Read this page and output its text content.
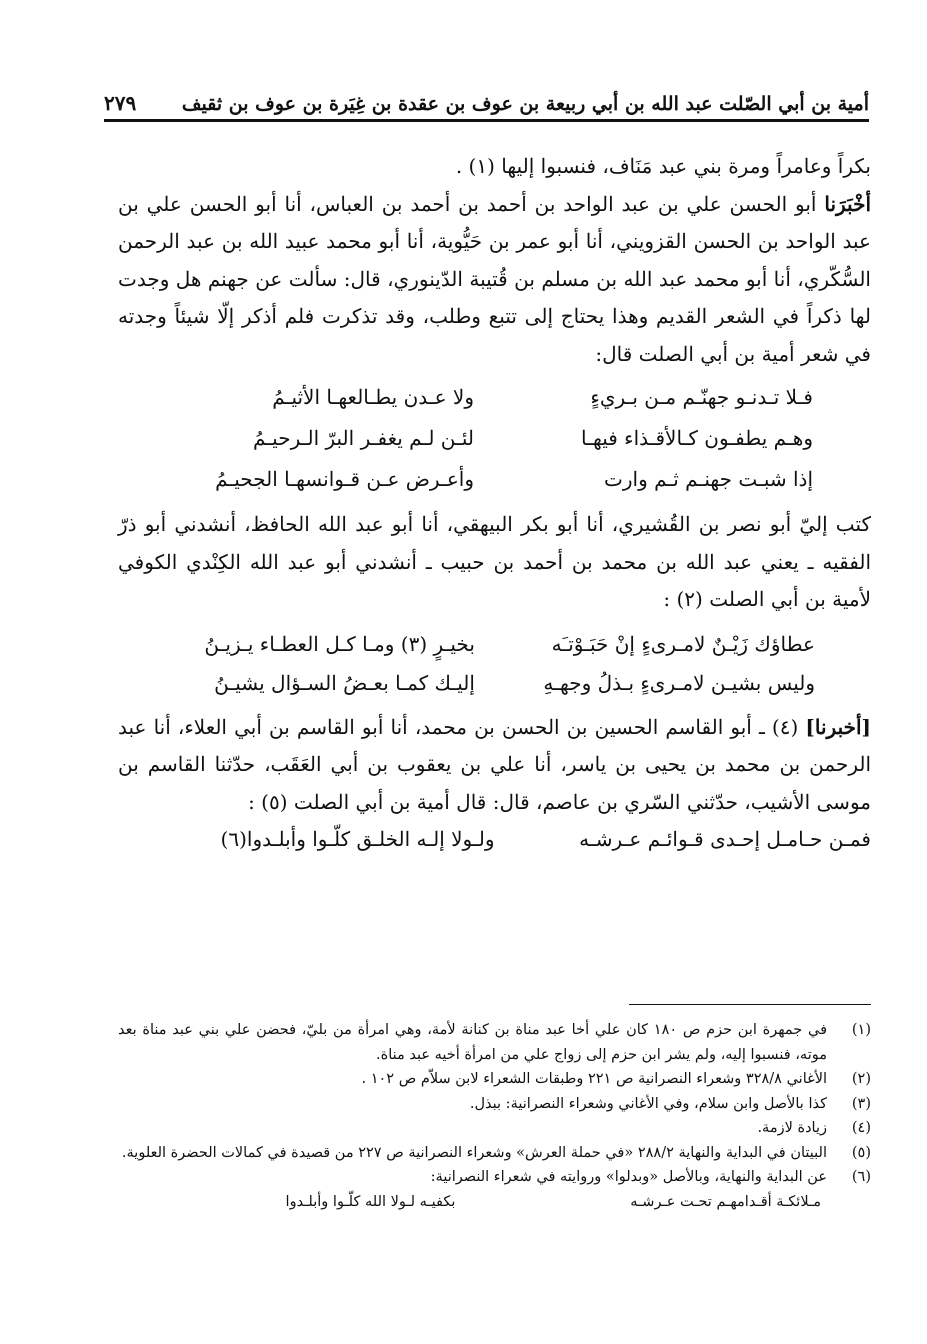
أمية بن أبي الصّلت عبد الله بن أبي ربيعة بن عوف بن عقدة بن غِيَرة بن عوف بن ثقيف
٢٧٩

بكراً وعامراً ومرة بني عبد مَنَاف، فنسبوا إليها (١) .

أخْبَرَنا أبو الحسن علي بن عبد الواحد بن أحمد بن أحمد بن العباس، أنا أبو الحسن علي بن عبد الواحد بن الحسن القزويني، أنا أبو عمر بن حَيُّوية، أنا أبو محمد عبيد الله بن عبد الرحمن السُّكّري، أنا أبو محمد عبد الله بن مسلم بن قُتيبة الدّينوري، قال: سألت عن جهنم هل وجدت لها ذكراً في الشعر القديم وهذا يحتاج إلى تتبع وطلب، وقد تذكرت فلم أذكر إلّا شيئاً وجدته في شعر أمية بن أبي الصلت قال:

فـلا تـدنـو جهنّـم مـن بـريءٍ
ولا عـدن يطـالعهـا الأثيـمُ
وهـم يطفـون كـالأقـذاء فيهـا
لئـن لـم يغفـر البرّ الـرحيـمُ
إذا شبـت جهنـم ثـم وارت
وأعـرض عـن قـوانسهـا الجحيـمُ

كتب إليّ أبو نصر بن القُشيري، أنا أبو بكر البيهقي، أنا أبو عبد الله الحافظ، أنشدني أبو ذرّ الفقيه ـ يعني عبد الله بن محمد بن أحمد بن حبيب ـ أنشدني أبو عبد الله الكِنْدي الكوفي لأمية بن أبي الصلت (٢) :

عطاؤك زَيْـنٌ لامـرىءٍ إنْ حَبَـوْتـَه
بخيـرٍ (٣) ومـا كـل العطـاء يـزيـنُ
وليس بشيـن لامـرىءٍ بـذلُ وجهـهِ
إليـك كمـا بعـضُ السـؤال يشيـنُ

[أخبرنا] (٤) ـ أبو القاسم الحسين بن الحسن بن محمد، أنا أبو القاسم بن أبي العلاء، أنا عبد الرحمن بن محمد بن يحيى بن ياسر، أنا علي بن يعقوب بن أبي العَقَب، حدّثنا القاسم بن موسى الأشيب، حدّثني السّري بن عاصم، قال: قال أمية بن أبي الصلت (٥) :

فمـن حـامـل إحـدى قـوائـم عـرشـه
ولـولا إلـه الخلـق كلّـوا وأبلـدوا(٦)
(١)
في جمهرة ابن حزم ص ١٨٠ كان علي أخا عبد مناة بن كنانة لأمة، وهي امرأة من بليّ، فحضن علي بني عبد مناة بعد موته، فنسبوا إليه، ولم يشر ابن حزم إلى زواج علي من امرأة أخيه عبد مناة.
(٢)
الأغاني ٣٢٨/٨ وشعراء النصرانية ص ٢٢١ وطبقات الشعراء لابن سلاّم ص ١٠٢ .
(٣)
كذا بالأصل وابن سلام، وفي الأغاني وشعراء النصرانية: ببذل.
(٤)
زيادة لازمة.
(٥)
البيتان في البداية والنهاية ٢٨٨/٢ «في حملة العرش» وشعراء النصرانية ص ٢٢٧ من قصيدة في كمالات الحضرة العلوية.
(٦)
عن البداية والنهاية، وبالأصل «وبدلوا» وروايته في شعراء النصرانية:
مـلائكـة أقـدامهـم تحـت عـرشـه
بكفيـه لـولا الله كلّـوا وأبلـدوا
